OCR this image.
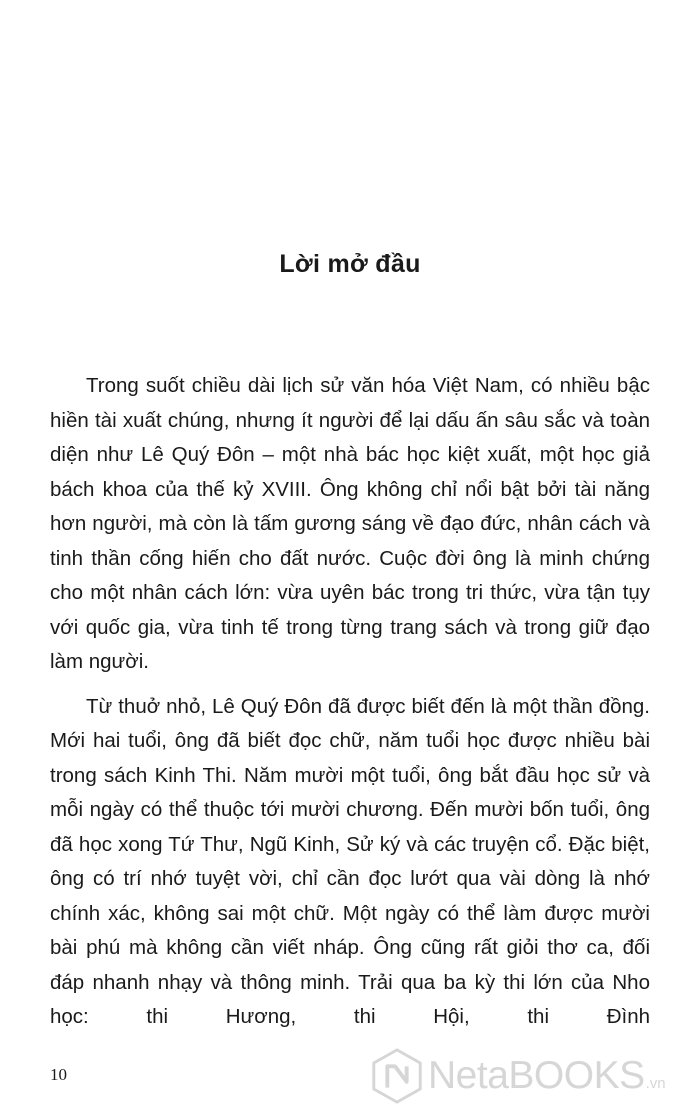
Lời mở đầu

Trong suốt chiều dài lịch sử văn hóa Việt Nam, có nhiều bậc hiền tài xuất chúng, nhưng ít người để lại dấu ấn sâu sắc và toàn diện như Lê Quý Đôn – một nhà bác học kiệt xuất, một học giả bách khoa của thế kỷ XVIII. Ông không chỉ nổi bật bởi tài năng hơn người, mà còn là tấm gương sáng về đạo đức, nhân cách và tinh thần cống hiến cho đất nước. Cuộc đời ông là minh chứng cho một nhân cách lớn: vừa uyên bác trong tri thức, vừa tận tụy với quốc gia, vừa tinh tế trong từng trang sách và trong giữ đạo làm người.

Từ thuở nhỏ, Lê Quý Đôn đã được biết đến là một thần đồng. Mới hai tuổi, ông đã biết đọc chữ, năm tuổi học được nhiều bài trong sách Kinh Thi. Năm mười một tuổi, ông bắt đầu học sử và mỗi ngày có thể thuộc tới mười chương. Đến mười bốn tuổi, ông đã học xong Tứ Thư, Ngũ Kinh, Sử ký và các truyện cổ. Đặc biệt, ông có trí nhớ tuyệt vời, chỉ cần đọc lướt qua vài dòng là nhớ chính xác, không sai một chữ. Một ngày có thể làm được mười bài phú mà không cần viết nháp. Ông cũng rất giỏi thơ ca, đối đáp nhanh nhạy và thông minh. Trải qua ba kỳ thi lớn của Nho học: thi Hương, thi Hội, thi Đình

10	NetaBOOKS .vn
